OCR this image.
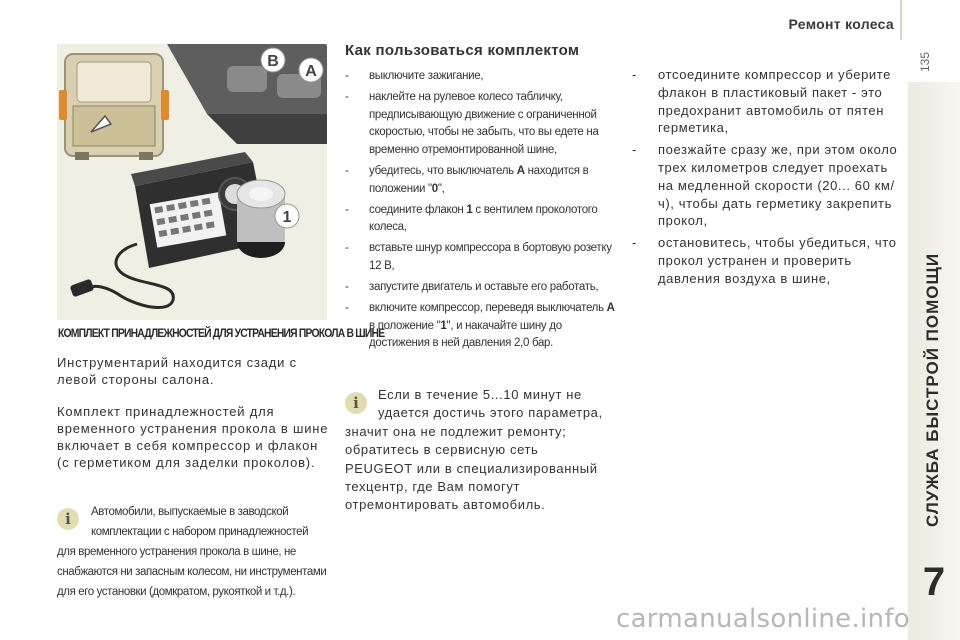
Ремонт колеса
135
СЛУЖБА БЫСТРОЙ ПОМОЩИ
7
B
A
1
КОМПЛЕКТ ПРИНАДЛЕЖНОСТЕЙ ДЛЯ УСТРАНЕНИЯ ПРОКОЛА В ШИНЕ
Инструментарий находится сзади с левой стороны салона.
Комплект принадлежностей для временного устранения прокола в шине включает в себя компрессор и флакон (с герметиком для заделки проколов).
i	Автомобили, выпускаемые в заводской комплектации с набором принадлежностей
для временного устранения прокола в шине, не снабжаются ни запасным колесом, ни инструментами для его установки (домкратом, рукояткой и т.д.).
Как пользоваться комплектом
- выключите зажигание,
- наклейте на рулевое колесо табличку, предписывающую движение с ограниченной скоростью, чтобы не забыть, что вы едете на временно отремонтированной шине,
- убедитесь, что выключатель A находится в положении "0",
- соедините флакон 1 с вентилем проколотого колеса,
- вставьте шнур компрессора в бортовую розетку 12 В,
- запустите двигатель и оставьте его работать,
- включите компрессор, переведя выключатель A в положение "1", и накачайте шину до достижения в ней давления 2,0 бар.
i	Если в течение 5...10 минут не удается достичь этого параметра,
значит она не подлежит ремонту; обратитесь в сервисную сеть PEUGEOT или в специализированный техцентр, где Вам помогут отремонтировать автомобиль.
- отсоедините компрессор и уберите флакон в пластиковый пакет - это предохранит автомобиль от пятен герметика,
- поезжайте сразу же, при этом около трех километров следует проехать на медленной скорости (20... 60 км/ч), чтобы дать герметику закрепить прокол,
- остановитесь, чтобы убедиться, что прокол устранен и проверить давления воздуха в шине,
carmanualsonline.info
